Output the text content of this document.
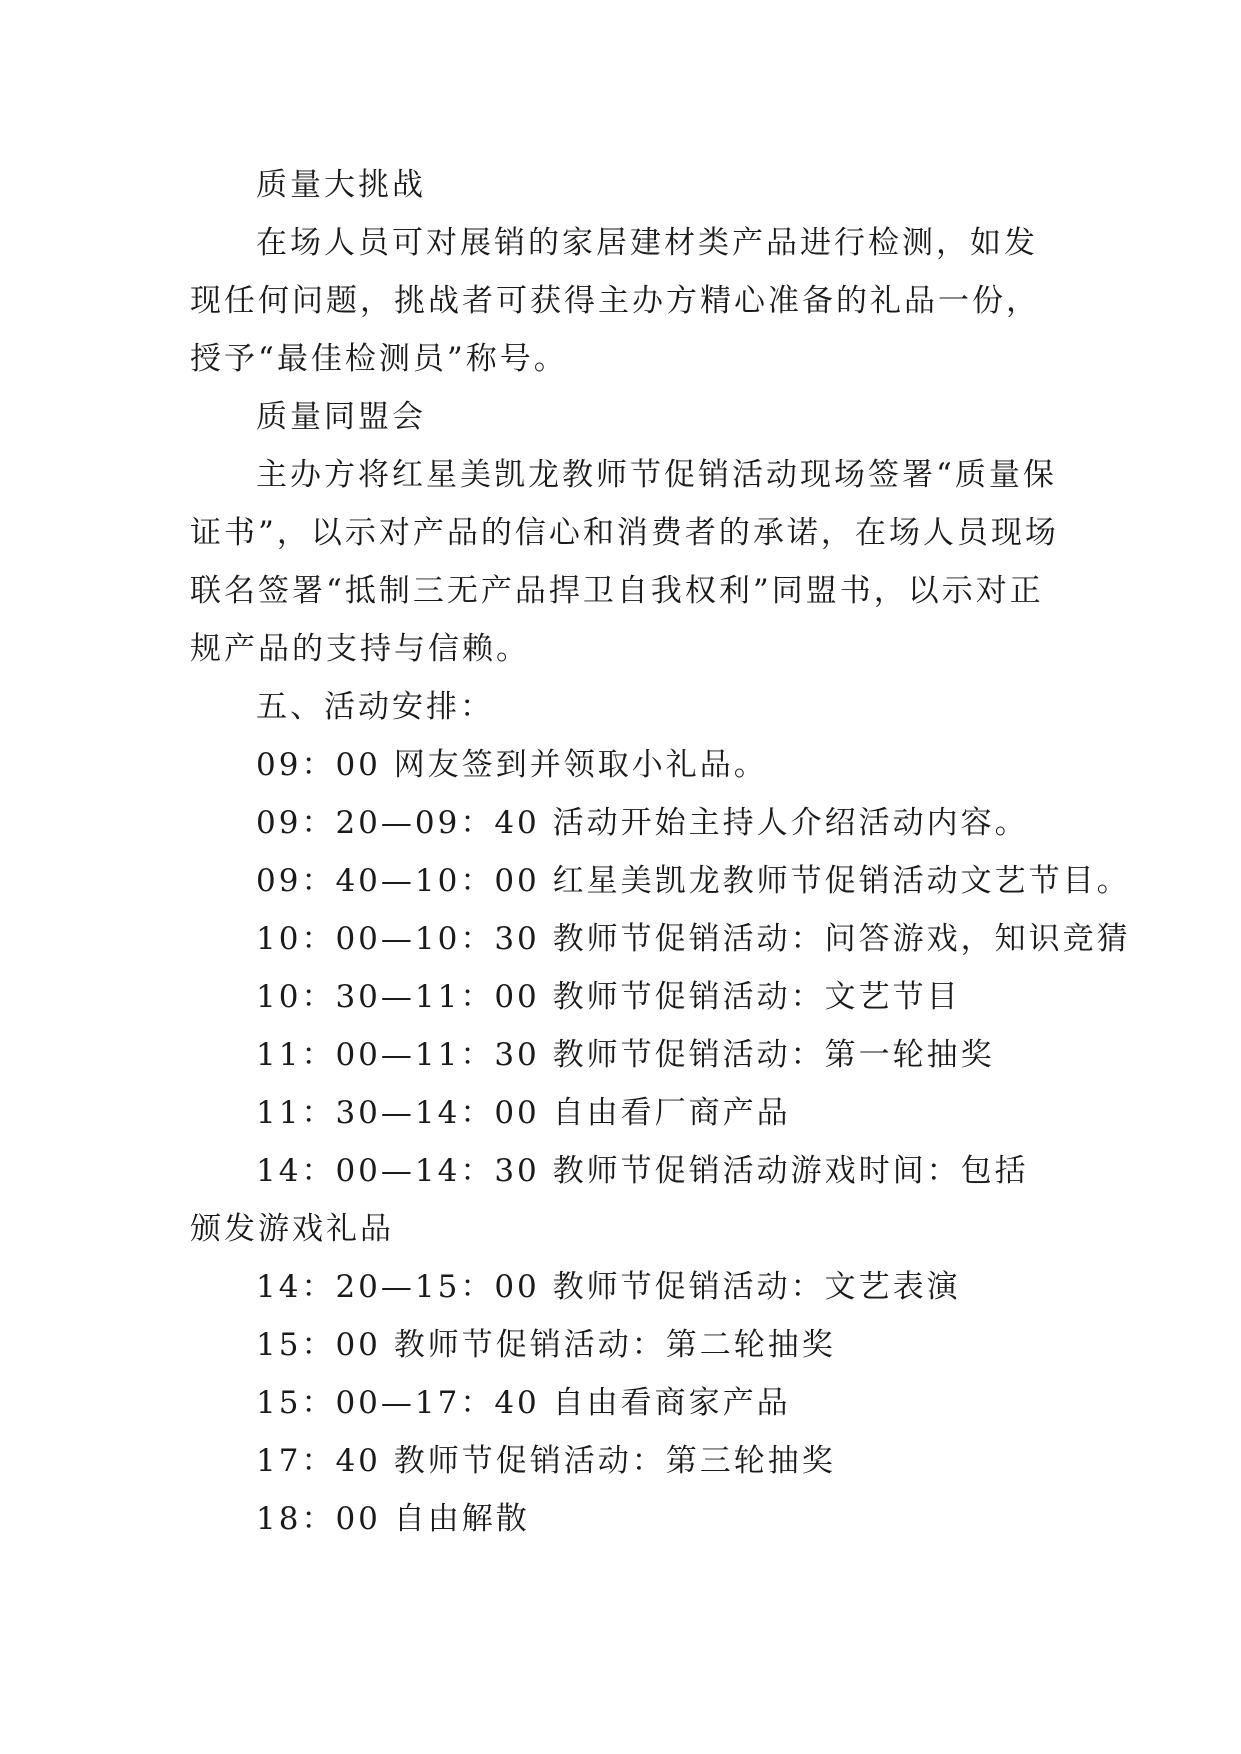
质量大挑战

在场人员可对展销的家居建材类产品进行检测，如发现任何问题，挑战者可获得主办方精心准备的礼品一份，授予“最佳检测员”称号。

质量同盟会

主办方将红星美凯龙教师节促销活动现场签署“质量保证书”，以示对产品的信心和消费者的承诺，在场人员现场联名签署“抵制三无产品捍卫自我权利”同盟书，以示对正规产品的支持与信赖。

五、活动安排：

09：00 网友签到并领取小礼品。

09：20—09：40 活动开始主持人介绍活动内容。

09：40—10：00 红星美凯龙教师节促销活动文艺节目。

10：00—10：30 教师节促销活动：问答游戏，知识竞猜

10：30—11：00 教师节促销活动：文艺节目

11：00—11：30 教师节促销活动：第一轮抽奖

11：30—14：00 自由看厂商产品

14：00—14：30 教师节促销活动游戏时间：包括颁发游戏礼品

14：20—15：00 教师节促销活动：文艺表演

15：00 教师节促销活动：第二轮抽奖

15：00—17：40 自由看商家产品

17：40 教师节促销活动：第三轮抽奖

18：00 自由解散
